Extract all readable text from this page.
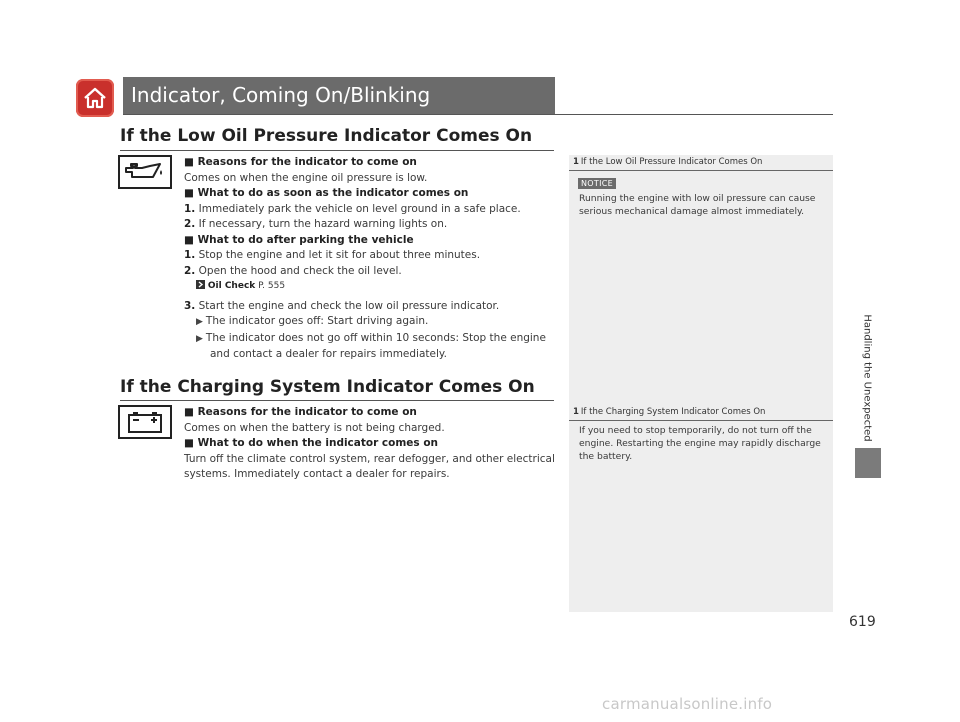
Indicator, Coming On/Blinking
If the Low Oil Pressure Indicator Comes On
■ Reasons for the indicator to come on
Comes on when the engine oil pressure is low.
■ What to do as soon as the indicator comes on
1. Immediately park the vehicle on level ground in a safe place.
2. If necessary, turn the hazard warning lights on.
■ What to do after parking the vehicle
1. Stop the engine and let it sit for about three minutes.
2. Open the hood and check the oil level.
Oil Check P. 555
3. Start the engine and check the low oil pressure indicator.
▶ The indicator goes off: Start driving again.
▶ The indicator does not go off within 10 seconds: Stop the engine
and contact a dealer for repairs immediately.
If the Charging System Indicator Comes On
■ Reasons for the indicator to come on
Comes on when the battery is not being charged.
■ What to do when the indicator comes on
Turn off the climate control system, rear defogger, and other electrical
systems. Immediately contact a dealer for repairs.
1 If the Low Oil Pressure Indicator Comes On
NOTICE
Running the engine with low oil pressure can cause
serious mechanical damage almost immediately.
1 If the Charging System Indicator Comes On
If you need to stop temporarily, do not turn off the
engine. Restarting the engine may rapidly discharge
the battery.
Handling the Unexpected
619
carmanualsonline.info
